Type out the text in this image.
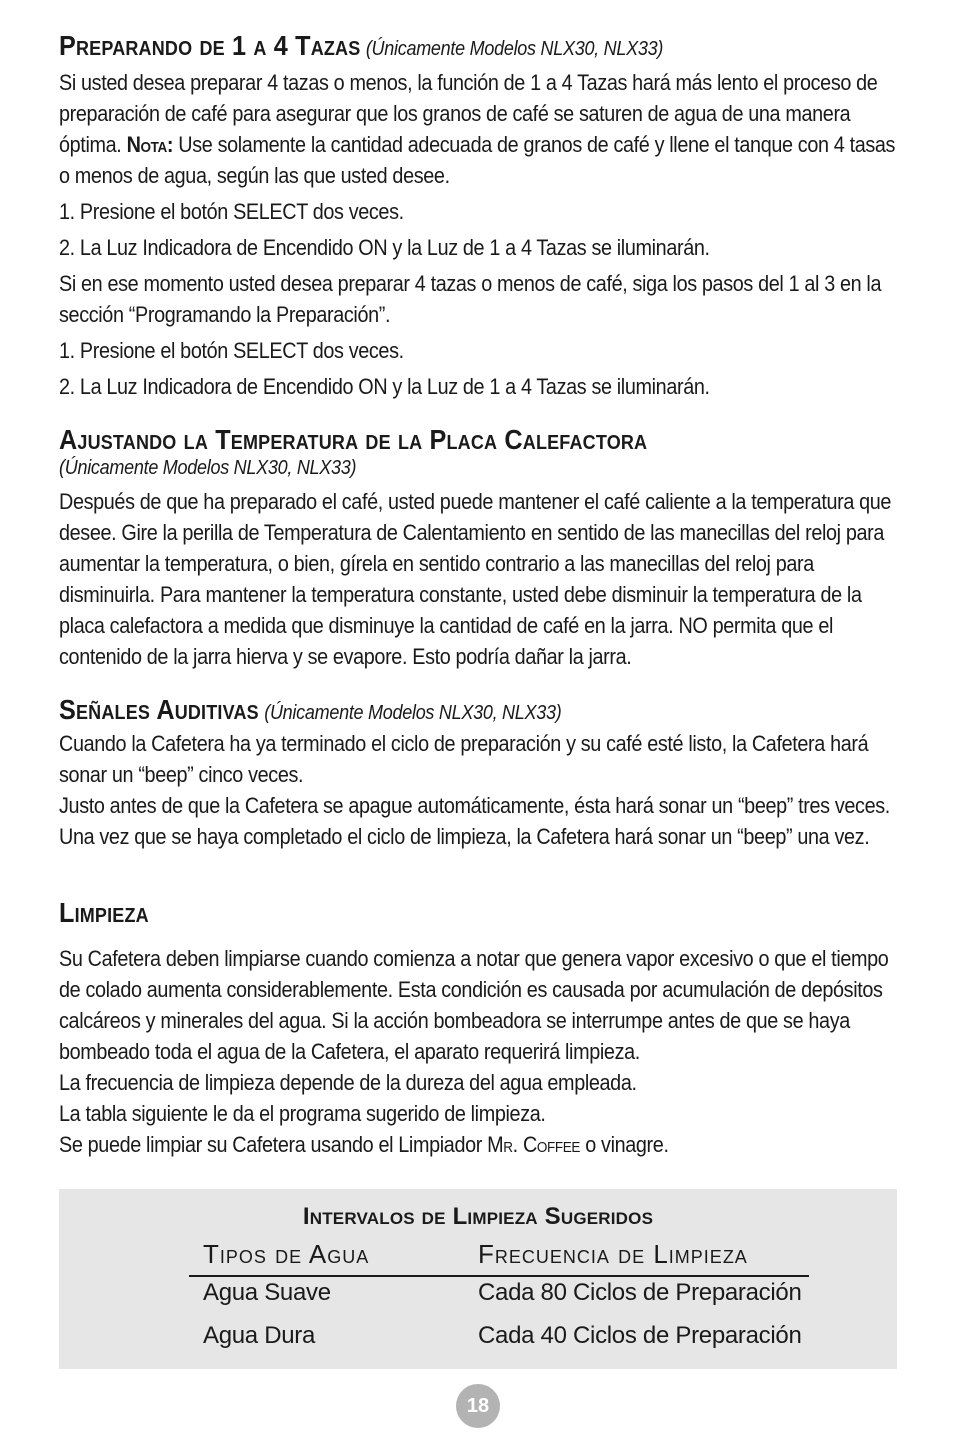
Preparando de 1 a 4 Tazas (Únicamente Modelos NLX30, NLX33)

Si usted desea preparar 4 tazas o menos, la función de 1 a 4 Tazas hará más lento el proceso de preparación de café para asegurar que los granos de café se saturen de agua de una manera óptima. Nota: Use solamente la cantidad adecuada de granos de café y llene el tanque con 4 tasas o menos de agua, según las que usted desee.

1. Presione el botón SELECT dos veces.

2. La Luz Indicadora de Encendido ON y la Luz de 1 a 4 Tazas se iluminarán.

Si en ese momento usted desea preparar 4 tazas o menos de café, siga los pasos del 1 al 3 en la sección “Programando la Preparación”.

1. Presione el botón SELECT dos veces.

2. La Luz Indicadora de Encendido ON y la Luz de 1 a 4 Tazas se iluminarán.

Ajustando la Temperatura de la Placa Calefactora
(Únicamente Modelos NLX30, NLX33)

Después de que ha preparado el café, usted puede mantener el café caliente a la temperatura que desee. Gire la perilla de Temperatura de Calentamiento en sentido de las manecillas del reloj para aumentar la temperatura, o bien, gírela en sentido contrario a las manecillas del reloj para disminuirla. Para mantener la temperatura constante, usted debe disminuir la temperatura de la placa calefactora a medida que disminuye la cantidad de café en la jarra. NO permita que el contenido de la jarra hierva y se evapore. Esto podría dañar la jarra.

Señales Auditivas (Únicamente Modelos NLX30, NLX33)

Cuando la Cafetera ha ya terminado el ciclo de preparación y su café esté listo, la Cafetera hará sonar un “beep” cinco veces.

Justo antes de que la Cafetera se apague automáticamente, ésta hará sonar un “beep” tres veces. Una vez que se haya completado el ciclo de limpieza, la Cafetera hará sonar un “beep” una vez.

Limpieza

Su Cafetera deben limpiarse cuando comienza a notar que genera vapor excesivo o que el tiempo de colado aumenta considerablemente. Esta condición es causada por acumulación de depósitos calcáreos y minerales del agua. Si la acción bombeadora se interrumpe antes de que se haya bombeado toda el agua de la Cafetera, el aparato requerirá limpieza.

La frecuencia de limpieza depende de la dureza del agua empleada.

La tabla siguiente le da el programa sugerido de limpieza.

Se puede limpiar su Cafetera usando el Limpiador Mr. Coffee o vinagre.

Intervalos de Limpieza Sugeridos
Tipos de Agua	Frecuencia de Limpieza
Agua Suave	Cada 80 Ciclos de Preparación
Agua Dura	Cada 40 Ciclos de Preparación
18
